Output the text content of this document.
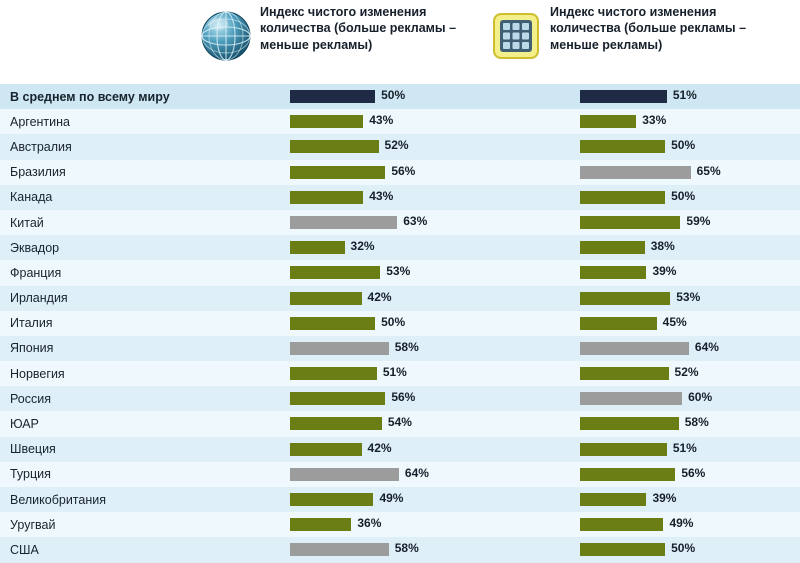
Индекс чистого изменения количества (больше рекламы – меньше рекламы)
Индекс чистого изменения количества (больше рекламы – меньше рекламы)
В среднем по всему миру	50%	51%
Аргентина	43%	33%
Австралия	52%	50%
Бразилия	56%	65%
Канада	43%	50%
Китай	63%	59%
Эквадор	32%	38%
Франция	53%	39%
Ирландия	42%	53%
Италия	50%	45%
Япония	58%	64%
Норвегия	51%	52%
Россия	56%	60%
ЮАР	54%	58%
Швеция	42%	51%
Турция	64%	56%
Великобритания	49%	39%
Уругвай	36%	49%
США	58%	50%
